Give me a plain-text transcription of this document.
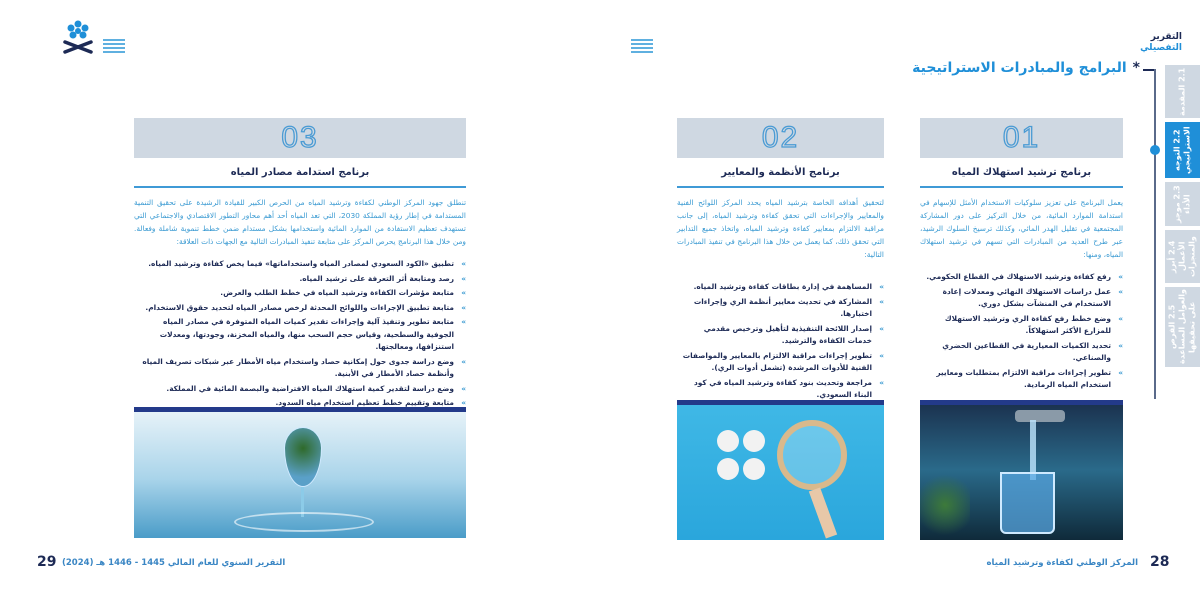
التقرير
التفصيلي
*البرامج والمبادرات الاستراتيجية
2.1 المقدمة
2.2 التوجه الاستراتيجي
2.3 موجز الأداء
2.4 أبرز الأعمال والمنجزات
2.5 الفرص والعوامل المساعدة على تحقيقها
01
برنامج ترشيد استهلاك المياه
يعمل البرنامج على تعزيز سلوكيات الاستخدام الأمثل للإسهام في استدامة الموارد المائية، من خلال التركيز على دور المشاركة المجتمعية في تقليل الهدر المائي، وكذلك ترسيخ السلوك الرشيد، عبر طرح العديد من المبادرات التي تسهم في ترشيد استهلاك المياه، ومنها:
» رفع كفاءة وترشيد الاستهلاك في القطاع الحكومي.
» عمل دراسات الاستهلاك النهائي ومعدلات إعادة الاستخدام في المنشآت بشكل دوري.
» وضع خطط رفع كفاءة الري وترشيد الاستهلاك للمزارع الأكثر استهلاكاً.
» تحديد الكميات المعيارية في القطاعين الحضري والصناعي.
» تطوير إجراءات مراقبة الالتزام بمتطلبات ومعايير استخدام المياه الرمادية.
02
برنامج الأنظمة والمعايير
لتحقيق أهدافه الخاصة بترشيد المياه يحدد المركز اللوائح الفنية والمعايير والإجراءات التي تحقق كفاءة وترشيد المياه، إلى جانب مراقبة الالتزام بمعايير كفاءة وترشيد المياه، واتخاذ جميع التدابير التي تحقق ذلك، كما يعمل من خلال هذا البرنامج في تنفيذ المبادرات التالية:
» المساهمة في إدارة بطاقات كفاءة وترشيد المياه.
» المشاركة في تحديث معايير أنظمة الري وإجراءات اختبارها.
» إصدار اللائحة التنفيذية لتأهيل وترخيص مقدمي خدمات الكفاءة والترشيد.
» تطوير إجراءات مراقبة الالتزام بالمعايير والمواصفات الفنية للأدوات المرشدة (تشمل أدوات الري).
» مراجعة وتحديث بنود كفاءة وترشيد المياه في كود البناء السعودي.
03
برنامج استدامة مصادر المياه
تنطلق جهود المركز الوطني لكفاءة وترشيد المياه من الحرص الكبير للقيادة الرشيدة على تحقيق التنمية المستدامة في إطار رؤية المملكة 2030، التي تعد المياه أحد أهم محاور التطور الاقتصادي والاجتماعي التي تستهدف تعظيم الاستفادة من الموارد المائية واستخدامها بشكل مستدام ضمن خطط تنموية شاملة وفعالة. ومن خلال هذا البرنامج يحرص المركز على متابعة تنفيذ المبادرات التالية مع الجهات ذات العلاقة:
» تطبيق «الكود السعودي لمصادر المياه واستخداماتها» فيما يخص كفاءة وترشيد المياه.
» رصد ومتابعة أثر التعرفة على ترشيد المياه.
» متابعة مؤشرات الكفاءة وترشيد المياه في خطط الطلب والعرض.
» متابعة تطبيق الإجراءات واللوائح المحدثة لرخص مصادر المياه لتحديد حقوق الاستخدام.
» متابعة تطوير وتنفيذ آلية وإجراءات تقدير كميات المياه المتوفرة في مصادر المياه الجوفية والسطحية، وقياس حجم السحب منها، والمياه المخزنة، وجودتها، ومعدلات استنزافها، ومعالجتها.
» وضع دراسة جدوى حول إمكانية حصاد واستخدام مياه الأمطار عبر شبكات تصريف المياه وأنظمة حصاد الأمطار في الأبنية.
» وضع دراسة لتقدير كمية استهلاك المياه الافتراضية والبصمة المائية في المملكة.
» متابعة وتقييم خطط تعظيم استخدام مياه السدود.
28
المركز الوطني لكفاءة وترشيد المياه
29 التقرير السنوي للعام المالي 1445 - 1446 هـ (2024)
